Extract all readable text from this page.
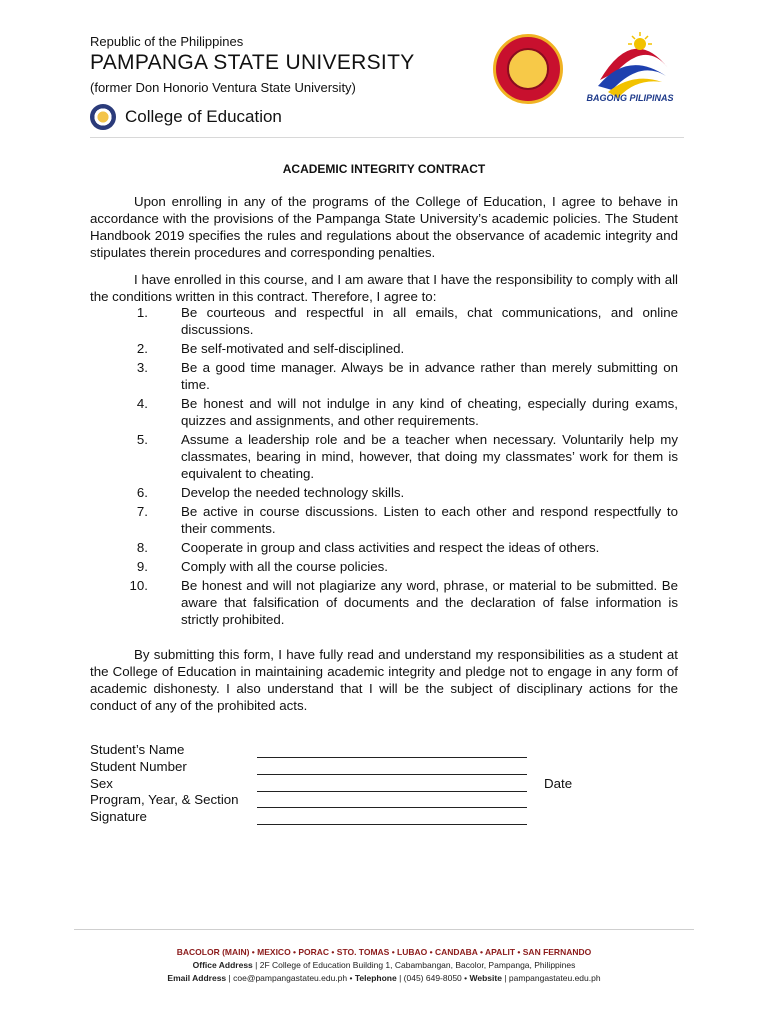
Republic of the Philippines
PAMPANGA STATE UNIVERSITY
(former Don Honorio Ventura State University)
College of Education
BAGONG PILIPINAS
ACADEMIC INTEGRITY CONTRACT

Upon enrolling in any of the programs of the College of Education, I agree to behave in accordance with the provisions of the Pampanga State University’s academic policies. The Student Handbook 2019 specifies the rules and regulations about the observance of academic integrity and stipulates therein procedures and corresponding penalties.

I have enrolled in this course, and I am aware that I have the responsibility to comply with all the conditions written in this contract. Therefore, I agree to:

1.	Be courteous and respectful in all emails, chat communications, and online discussions.
2.	Be self-motivated and self-disciplined.
3.	Be a good time manager. Always be in advance rather than merely submitting on time.
4.	Be honest and will not indulge in any kind of cheating, especially during exams, quizzes and assignments, and other requirements.
5.	Assume a leadership role and be a teacher when necessary. Voluntarily help my classmates, bearing in mind, however, that doing my classmates’ work for them is equivalent to cheating.
6.	Develop the needed technology skills.
7.	Be active in course discussions. Listen to each other and respond respectfully to their comments.
8.	Cooperate in group and class activities and respect the ideas of others.
9.	Comply with all the course policies.
10.	Be honest and will not plagiarize any word, phrase, or material to be submitted. Be aware that falsification of documents and the declaration of false information is strictly prohibited.

By submitting this form, I have fully read and understand my responsibilities as a student at the College of Education in maintaining academic integrity and pledge not to engage in any form of academic dishonesty. I also understand that I will be the subject of disciplinary actions for the conduct of any of the prohibited acts.

Student’s Name
Student Number
Sex
Program, Year, & Section
Signature
Date
BACOLOR (MAIN) • MEXICO • PORAC • STO. TOMAS • LUBAO • CANDABA • APALIT • SAN FERNANDO
Office Address | 2F College of Education Building 1, Cabambangan, Bacolor, Pampanga, Philippines
Email Address | coe@pampangastateu.edu.ph • Telephone | (045) 649-8050 • Website | pampangastateu.edu.ph
